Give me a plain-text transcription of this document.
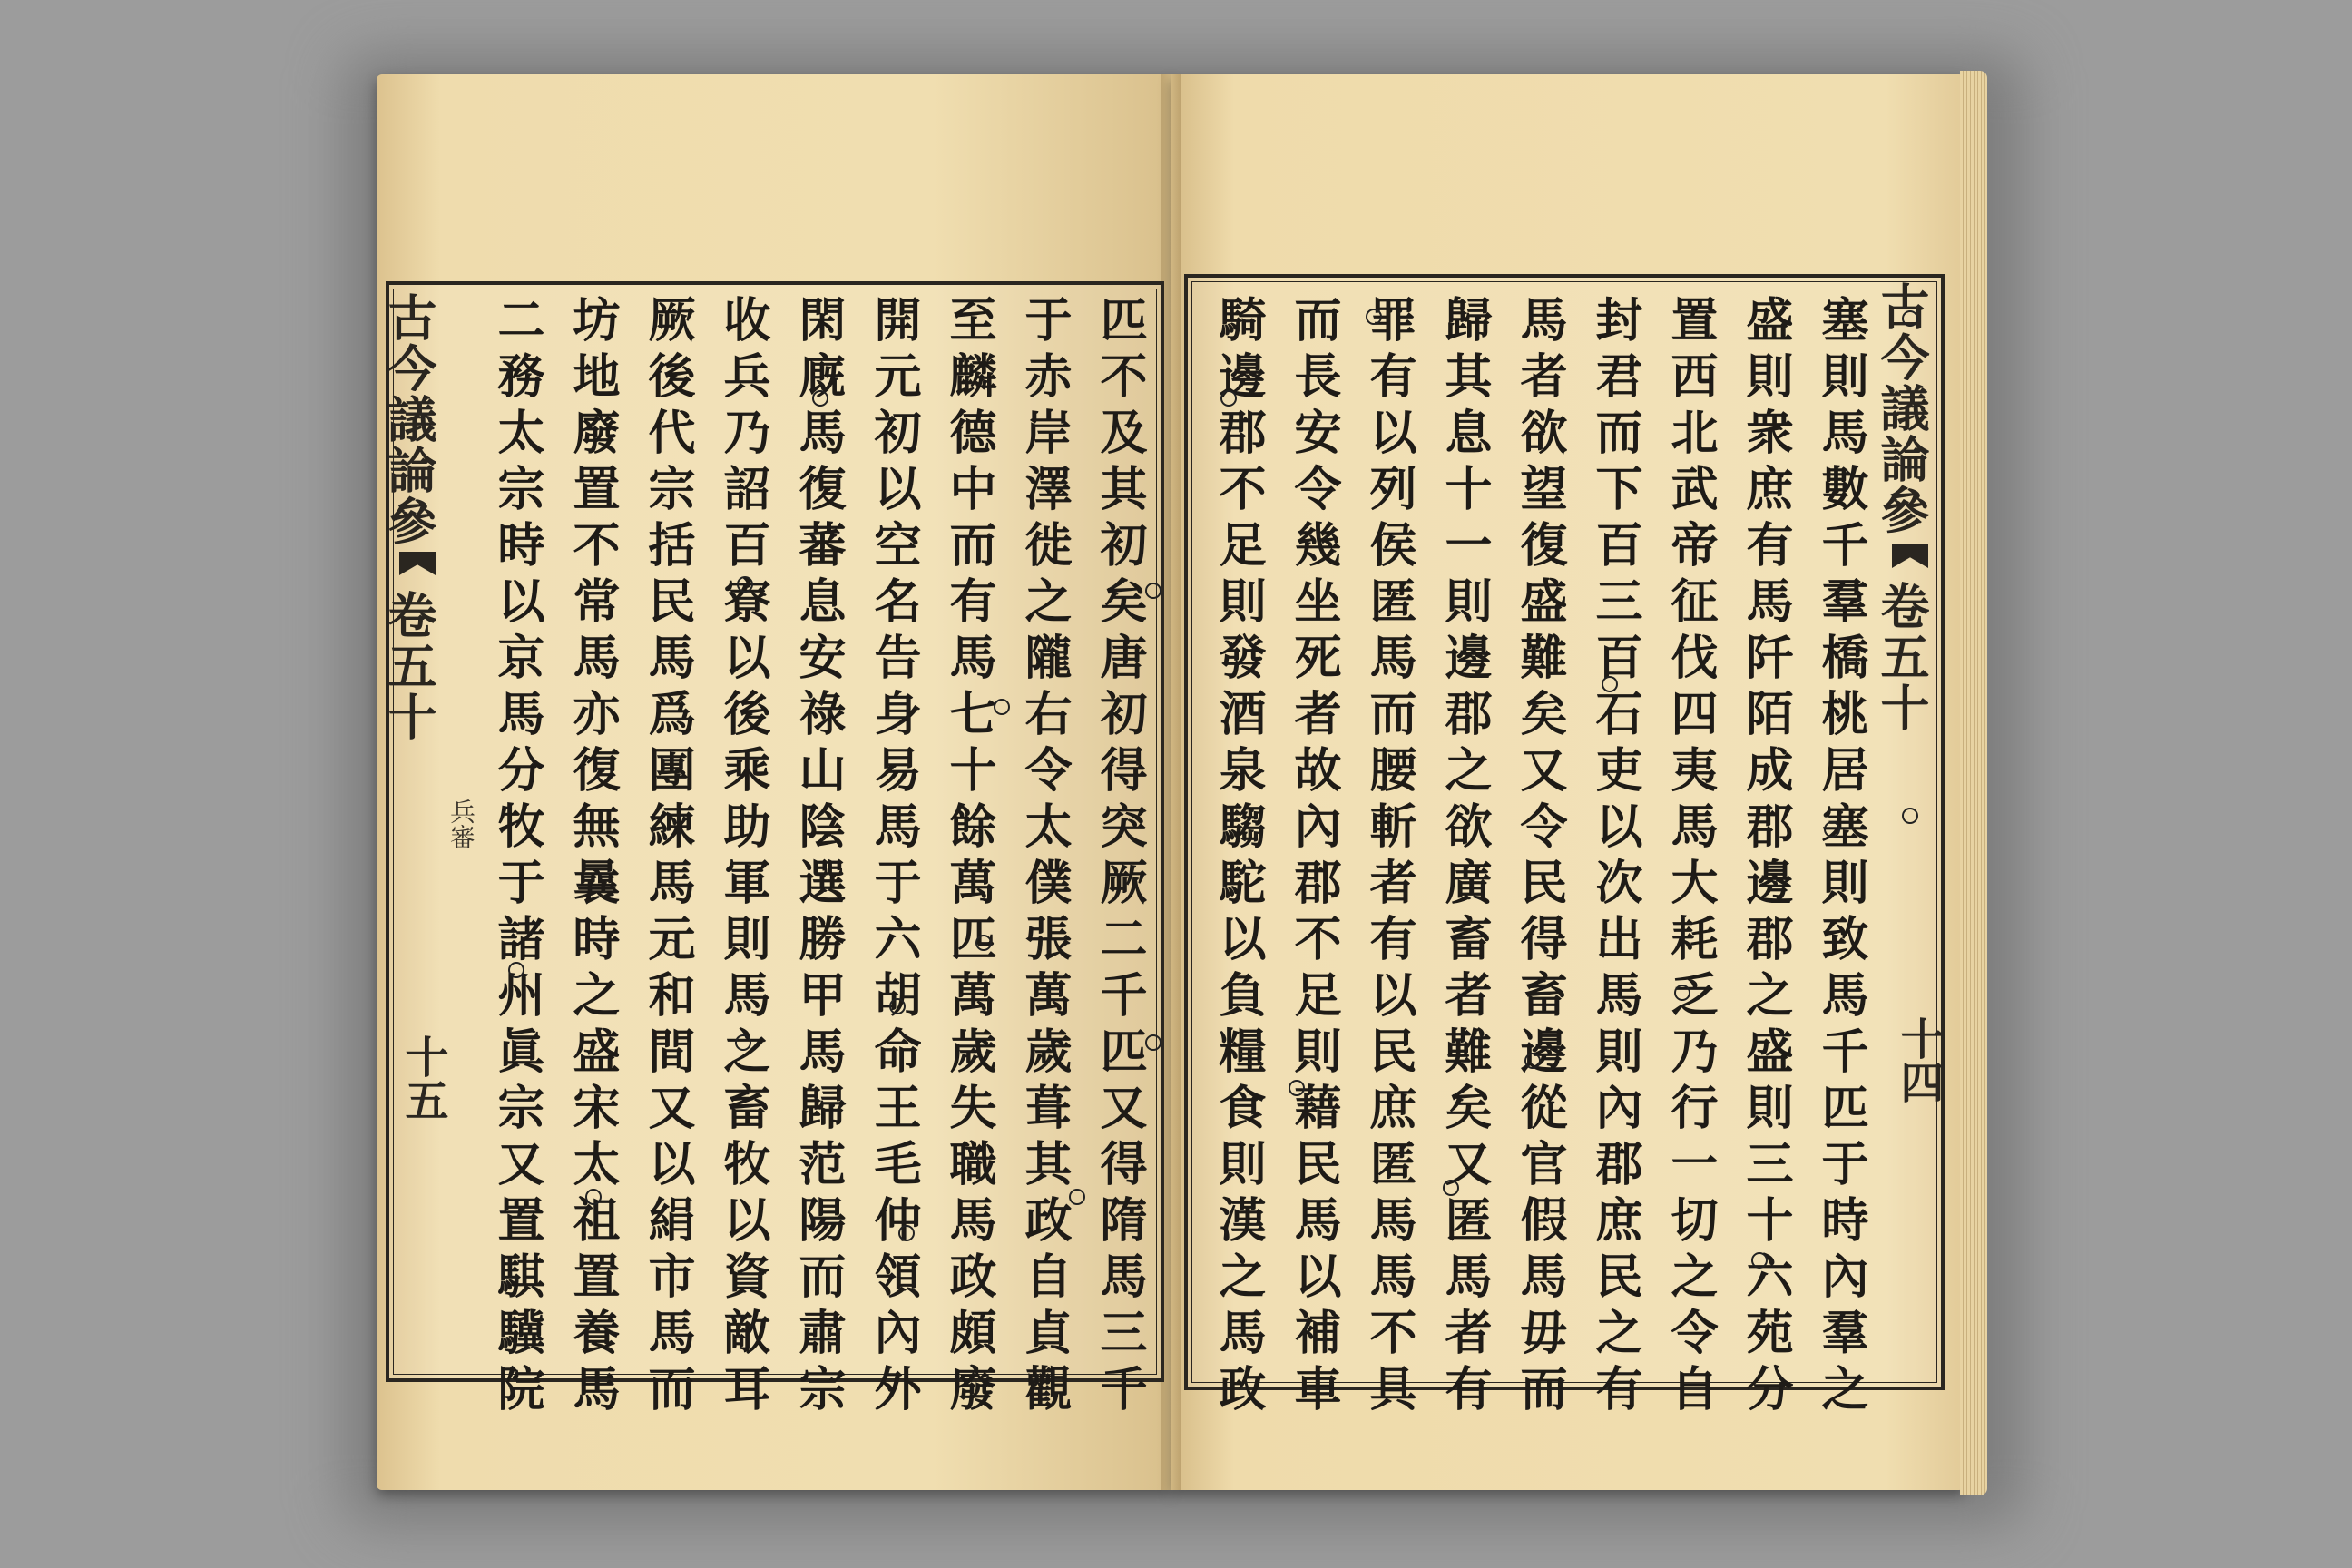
古今議論參
卷五十
兵審
十五	匹不及其初矣唐初得突厥二千匹又得隋馬三千
于赤岸澤徙之隴右令太僕張萬歲葺其政自貞觀
至麟德中而有馬七十餘萬匹萬歲失職馬政頗廢
開元初以空名告身易馬于六胡命王毛仲領內外
閑廐馬復蕃息安祿山陰選勝甲馬歸范陽而肅宗
收兵乃詔百寮以後乘助軍則馬之畜牧以資敵耳
厥後代宗括民馬爲團練馬元和間又以絹市馬而
坊地廢置不常馬亦復無曩時之盛宋太祖置養馬
二務太宗時以京馬分牧于諸州眞宗又置騏驥院	古今議論參
卷五十
十四
塞則馬數千羣橋桃居塞則致馬千匹于時內羣之
盛則衆庶有馬阡陌成郡邊郡之盛則三十六苑分
置西北武帝征伐四夷馬大耗乏乃行一切之令自
封君而下百三百石吏以次出馬則內郡庶民之有
馬者欲望復盛難矣又令民得畜邊從官假馬毋而
歸其息十一則邊郡之欲廣畜者難矣又匿馬者有
罪有以列侯匿馬而腰斬者有以民庶匿馬馬不具
而長安令幾坐死者故內郡不足則藉民馬以補車
騎邊郡不足則發酒泉騶駝以負糧食則漢之馬政
